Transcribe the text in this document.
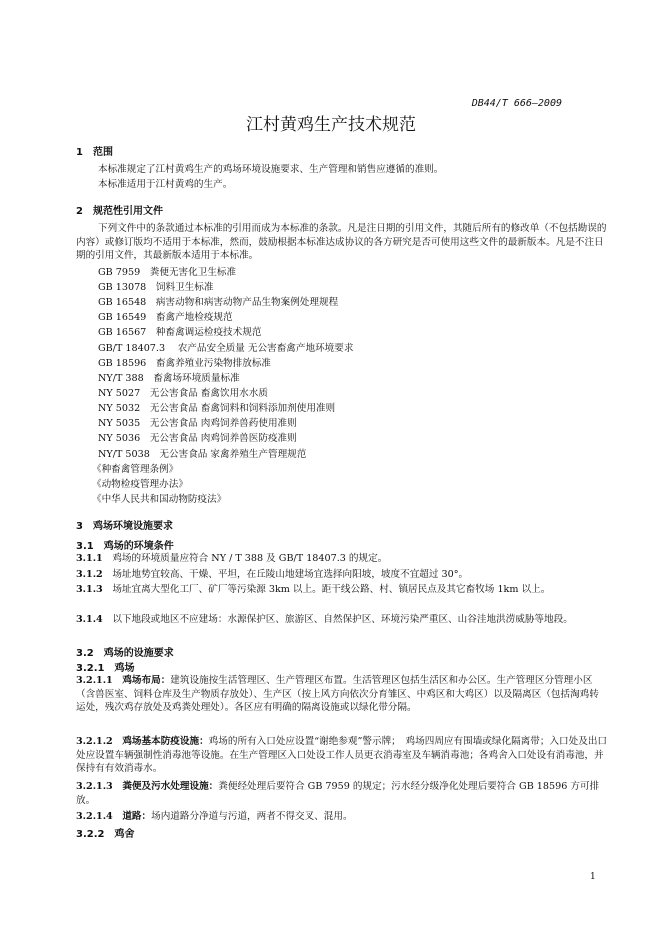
DB44/T 666—2009
江村黄鸡生产技术规范
1　 范围
本标准规定了江村黄鸡生产的鸡场环境设施要求、生产管理和销售应遵循的准则。
本标准适用于江村黄鸡的生产。
2　 规范性引用文件
下列文件中的条款通过本标准的引用而成为本标准的条款。凡是注日期的引用文件，其随后所有的修改单（不包括勘误的内容）或修订版均不适用于本标准，然而，鼓励根据本标准达成协议的各方研究是否可使用这些文件的最新版本。凡是不注日期的引用文件，其最新版本适用于本标准。
GB 7959　粪便无害化卫生标准
GB 13078　饲料卫生标准
GB 16548　病害动物和病害动物产品生物案例处理规程
GB 16549　畜禽产地检疫规范
GB 16567　种畜禽调运检疫技术规范
GB/T 18407.3　 农产品安全质量 无公害畜禽产地环境要求
GB 18596　畜禽养殖业污染物排放标准
NY/T 388　畜禽场环境质量标准
NY 5027　无公害食品 畜禽饮用水水质
NY 5032　无公害食品 畜禽饲料和饲料添加剂使用准则
NY 5035　无公害食品 肉鸡饲养兽药使用准则
NY 5036　无公害食品 肉鸡饲养兽医防疫准则
NY/T 5038　无公害食品 家禽养殖生产管理规范
《种畜禽管理条例》
《动物检疫管理办法》
《中华人民共和国动物防疫法》
3　 鸡场环境设施要求
3.1　 鸡场的环境条件
3.1.1　 鸡场的环境质量应符合 NY / T 388 及 GB/T 18407.3 的规定。
3.1.2　 场址地势宜较高、干燥、平坦，在丘陵山地建场宜选择向阳坡，坡度不宜超过 30°。
3.1.3　 场址宜离大型化工厂、矿厂等污染源 3km 以上。距干线公路、村、镇居民点及其它畜牧场 1km 以上。
3.1.4　 以下地段或地区不应建场：水源保护区、旅游区、自然保护区、环境污染严重区、山谷洼地洪涝威胁等地段。
3.2　 鸡场的设施要求
3.2.1　 鸡场
3.2.1.1　 鸡场布局：建筑设施按生活管理区、生产管理区布置。生活管理区包括生活区和办公区。生产管理区分管理小区（含兽医室、饲料仓库及生产物质存放处）、生产区（按上风方向依次分育雏区、中鸡区和大鸡区）以及隔离区（包括淘鸡转运处，残次鸡存放处及鸡粪处理处）。各区应有明确的隔离设施或以绿化带分隔。
3.2.1.2　 鸡场基本防疫设施：鸡场的所有入口处应设置“谢绝参观”警示牌；　鸡场四周应有围墙或绿化隔离带；入口处及出口处应设置车辆强制性消毒池等设施。在生产管理区入口处设工作人员更衣消毒室及车辆消毒池；各鸡舍入口处设有消毒池，并保持有有效消毒水。
3.2.1.3　 粪便及污水处理设施：粪便经处理后要符合 GB 7959 的规定；污水经分级净化处理后要符合 GB 18596 方可排放。
3.2.1.4　 道路：场内道路分净道与污道，两者不得交叉、混用。
3.2.2　 鸡舍
1
